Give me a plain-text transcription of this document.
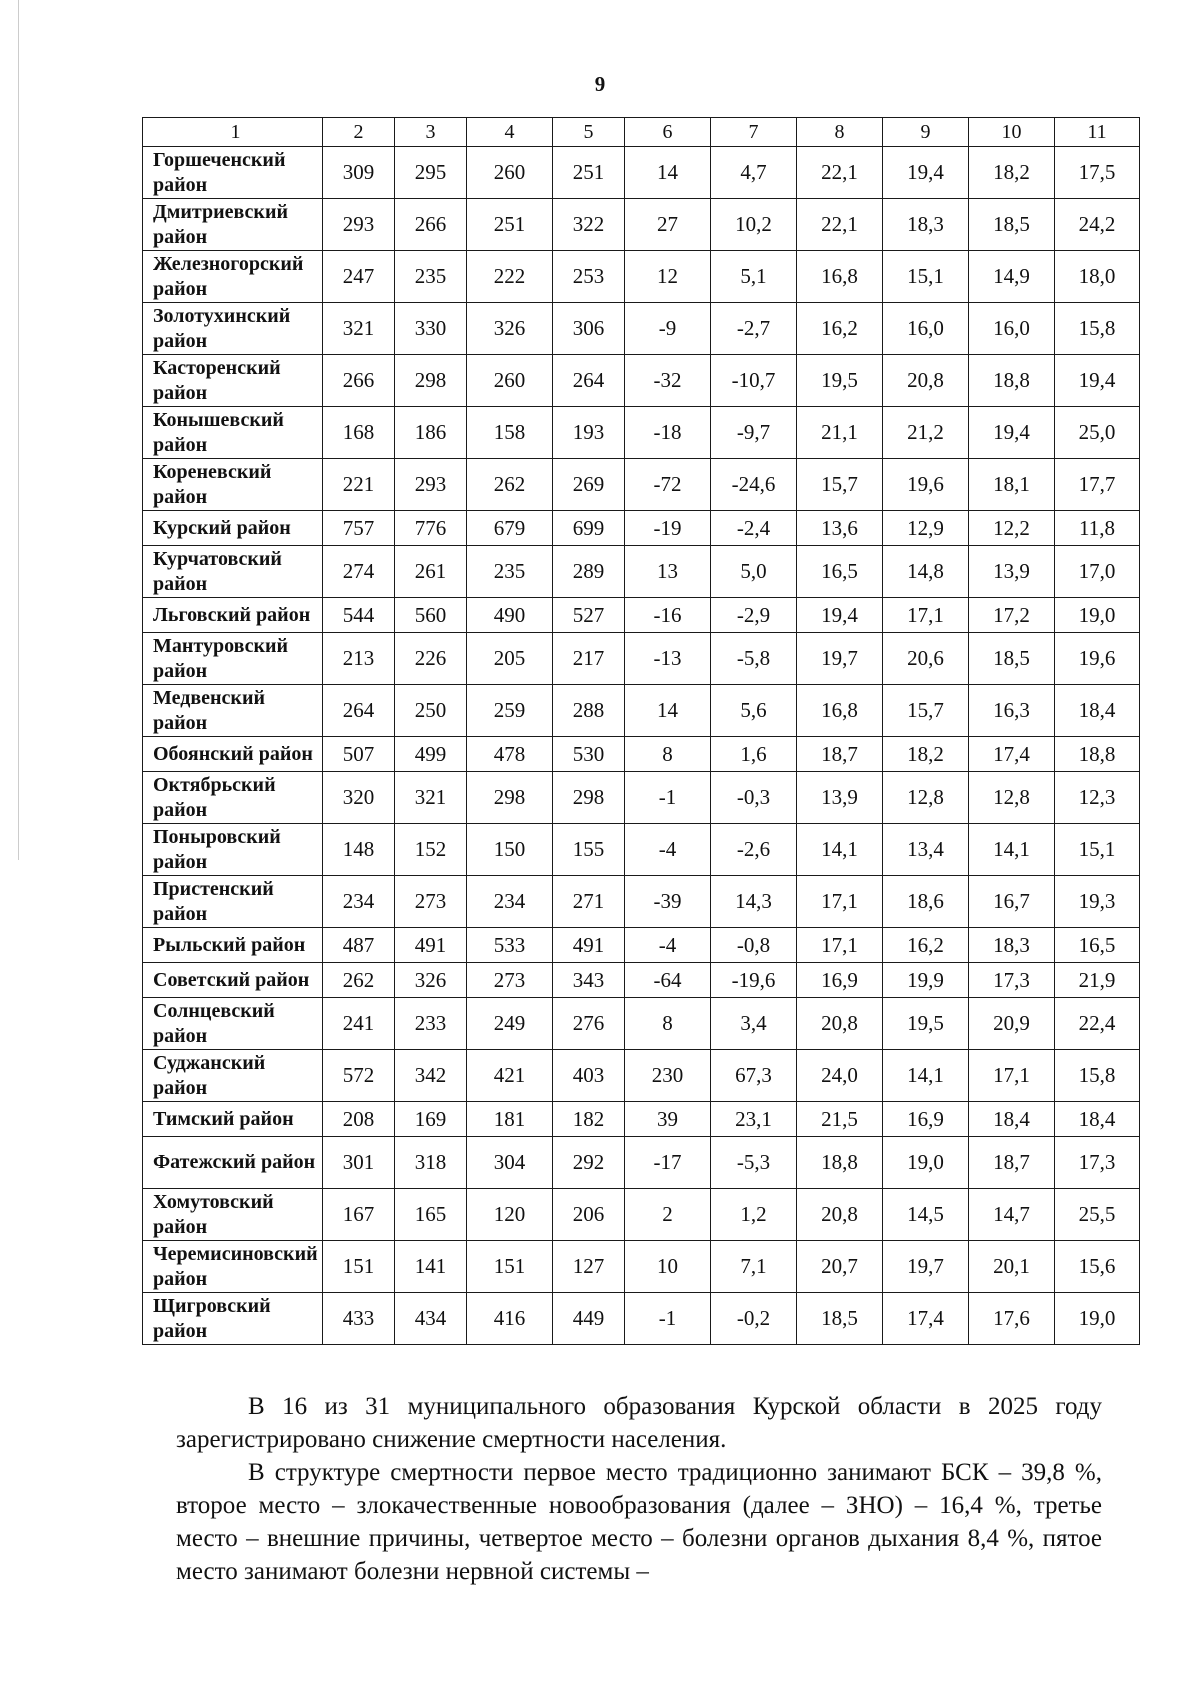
9
1	2	3	4	5	6	7	8	9	10	11
Горшеченский район	309	295	260	251	14	4,7	22,1	19,4	18,2	17,5
Дмитриевский район	293	266	251	322	27	10,2	22,1	18,3	18,5	24,2
Железногорский район	247	235	222	253	12	5,1	16,8	15,1	14,9	18,0
Золотухинский район	321	330	326	306	-9	-2,7	16,2	16,0	16,0	15,8
Касторенский район	266	298	260	264	-32	-10,7	19,5	20,8	18,8	19,4
Конышевский район	168	186	158	193	-18	-9,7	21,1	21,2	19,4	25,0
Кореневский район	221	293	262	269	-72	-24,6	15,7	19,6	18,1	17,7
Курский район	757	776	679	699	-19	-2,4	13,6	12,9	12,2	11,8
Курчатовский район	274	261	235	289	13	5,0	16,5	14,8	13,9	17,0
Льговский район	544	560	490	527	-16	-2,9	19,4	17,1	17,2	19,0
Мантуровский район	213	226	205	217	-13	-5,8	19,7	20,6	18,5	19,6
Медвенский район	264	250	259	288	14	5,6	16,8	15,7	16,3	18,4
Обоянский район	507	499	478	530	8	1,6	18,7	18,2	17,4	18,8
Октябрьский район	320	321	298	298	-1	-0,3	13,9	12,8	12,8	12,3
Поныровский район	148	152	150	155	-4	-2,6	14,1	13,4	14,1	15,1
Пристенский район	234	273	234	271	-39	14,3	17,1	18,6	16,7	19,3
Рыльский район	487	491	533	491	-4	-0,8	17,1	16,2	18,3	16,5
Советский район	262	326	273	343	-64	-19,6	16,9	19,9	17,3	21,9
Солнцевский район	241	233	249	276	8	3,4	20,8	19,5	20,9	22,4
Суджанский район	572	342	421	403	230	67,3	24,0	14,1	17,1	15,8
Тимский район	208	169	181	182	39	23,1	21,5	16,9	18,4	18,4
Фатежский район	301	318	304	292	-17	-5,3	18,8	19,0	18,7	17,3
Хомутовский район	167	165	120	206	2	1,2	20,8	14,5	14,7	25,5
Черемисиновский район	151	141	151	127	10	7,1	20,7	19,7	20,1	15,6
Щигровский район	433	434	416	449	-1	-0,2	18,5	17,4	17,6	19,0

В 16 из 31 муниципального образования Курской области в 2025 году зарегистрировано снижение смертности населения.

В структуре смертности первое место традиционно занимают БСК – 39,8 %, второе место – злокачественные новообразования (далее – ЗНО) – 16,4 %, третье место – внешние причины, четвертое место – болезни органов дыхания 8,4 %, пятое место занимают болезни нервной системы –
